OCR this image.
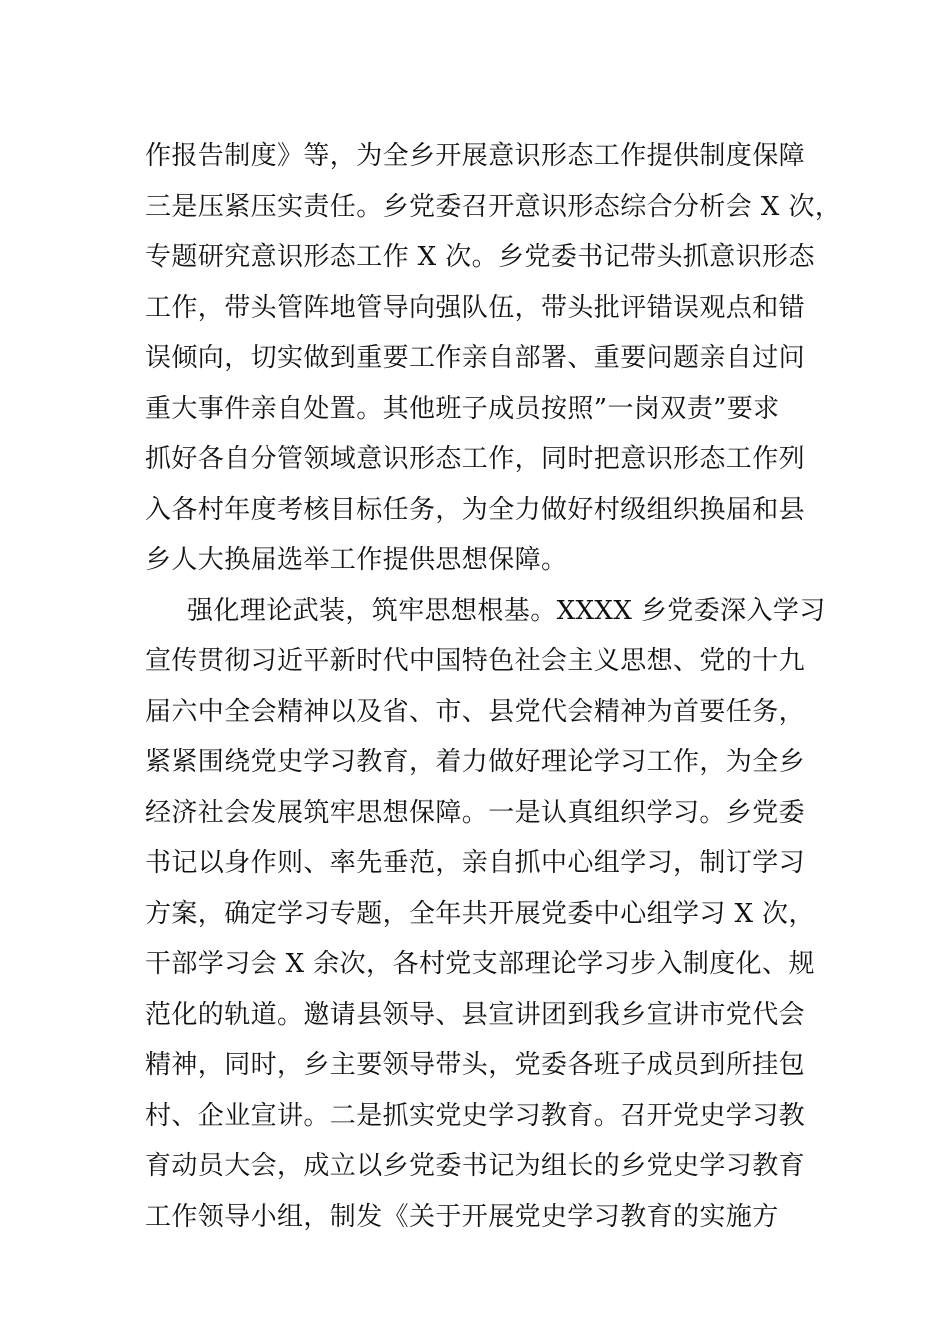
作报告制度》等，为全乡开展意识形态工作提供制度保障
三是压紧压实责任。乡党委召开意识形态综合分析会 X 次，
专题研究意识形态工作 X 次。乡党委书记带头抓意识形态
工作，带头管阵地管导向强队伍，带头批评错误观点和错
误倾向，切实做到重要工作亲自部署、重要问题亲自过问
重大事件亲自处置。其他班子成员按照”一岗双责”要求
抓好各自分管领域意识形态工作，同时把意识形态工作列
入各村年度考核目标任务，为全力做好村级组织换届和县
乡人大换届选举工作提供思想保障。
强化理论武装，筑牢思想根基。XXXX 乡党委深入学习
宣传贯彻习近平新时代中国特色社会主义思想、党的十九
届六中全会精神以及省、市、县党代会精神为首要任务，
紧紧围绕党史学习教育，着力做好理论学习工作，为全乡
经济社会发展筑牢思想保障。一是认真组织学习。乡党委
书记以身作则、率先垂范，亲自抓中心组学习，制订学习
方案，确定学习专题，全年共开展党委中心组学习 X 次，
干部学习会 X 余次，各村党支部理论学习步入制度化、规
范化的轨道。邀请县领导、县宣讲团到我乡宣讲市党代会
精神，同时，乡主要领导带头，党委各班子成员到所挂包
村、企业宣讲。二是抓实党史学习教育。召开党史学习教
育动员大会，成立以乡党委书记为组长的乡党史学习教育
工作领导小组，制发《关于开展党史学习教育的实施方
